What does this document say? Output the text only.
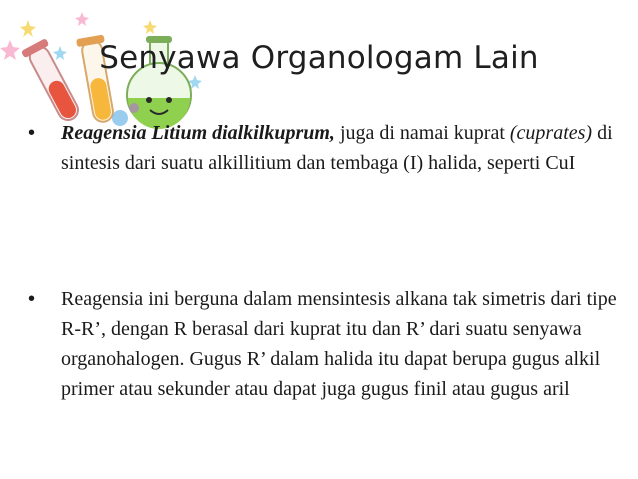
Senyawa Organologam Lain
• Reagensia Litium dialkilkuprum, juga di namai kuprat (cuprates) di sintesis dari suatu alkillitium dan tembaga (I) halida, seperti CuI
• Reagensia ini berguna dalam mensintesis alkana tak simetris dari tipe R-R’, dengan R berasal dari kuprat itu dan R’ dari suatu senyawa organohalogen. Gugus R’ dalam halida itu dapat berupa gugus alkil primer atau sekunder atau dapat juga gugus finil atau gugus aril
